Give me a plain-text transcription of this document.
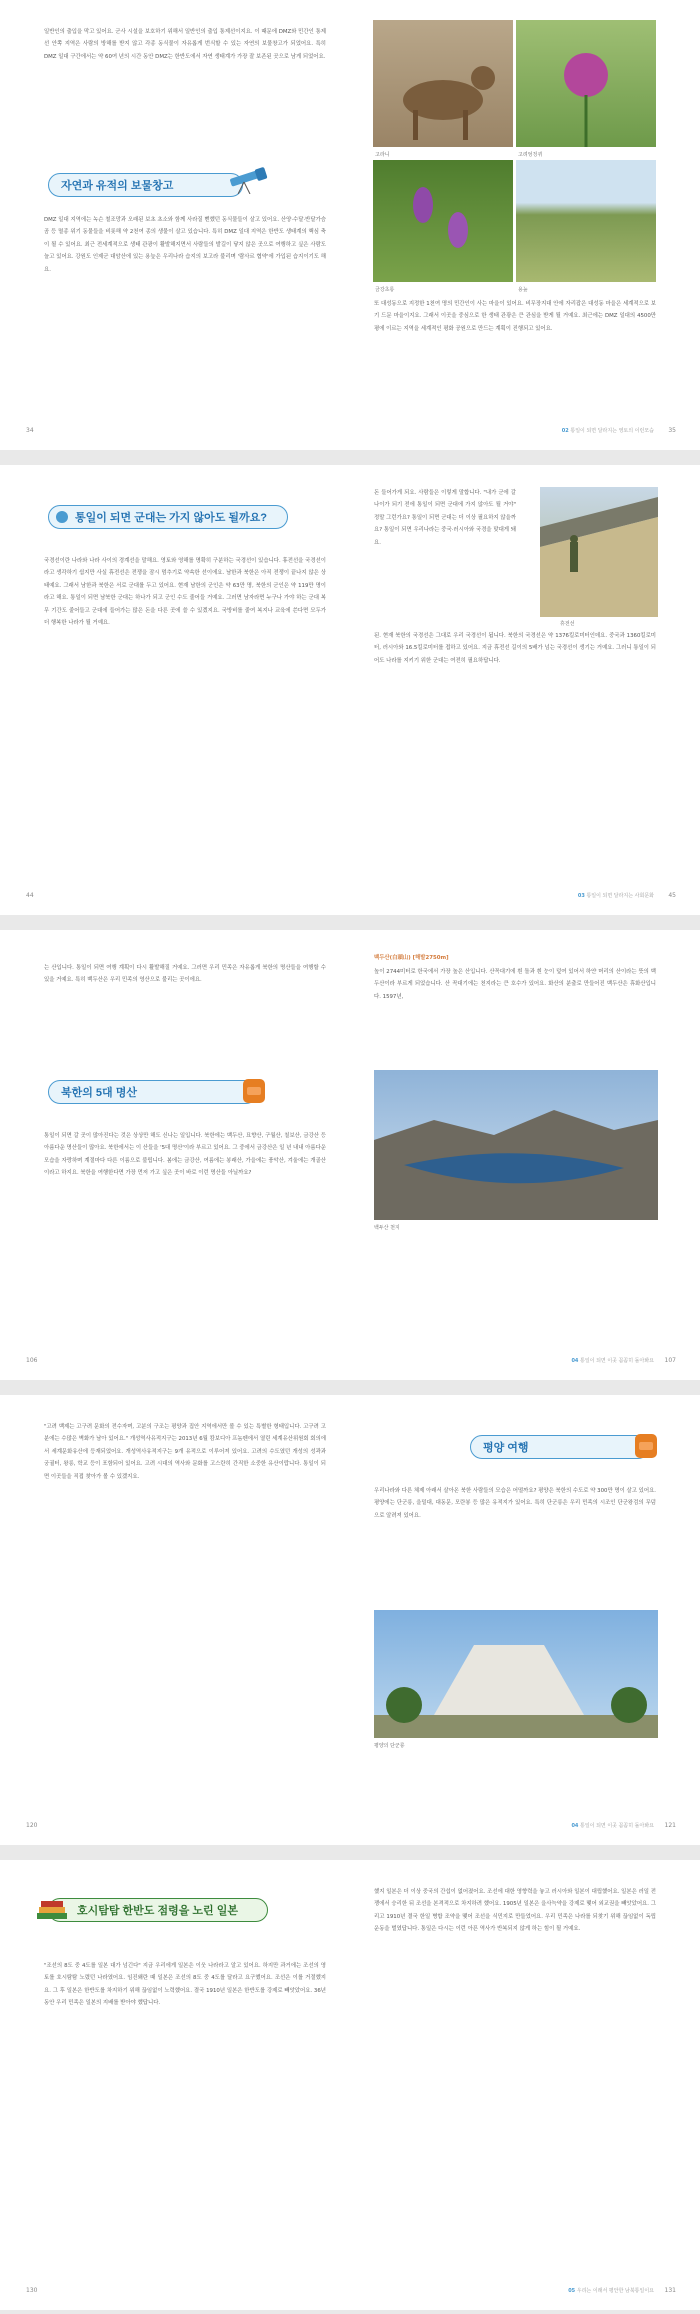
일반인의 출입을 막고 있어요. 군사 시설을 보호하기 위해서 일반인의 출입 통제선이지요. 이 때문에 DMZ와 민간인 통제선 안쪽 지역은 사람의 방해를 받지 않고 각종 동식물이 자유롭게 번식할 수 있는 자연의 보물창고가 되었어요. 특히 DMZ 일대 구간에서는 약 60여 년의 시간 동안 DMZ는 한반도에서 자연 생태계가 가장 잘 보존된 곳으로 남게 되었어요.
자연과 유적의 보물창고
DMZ 일대 지역에는 녹슨 철조망과 오래된 보초 초소와 함께 사라질 뻔했던 동식물들이 살고 있어요. 산양·수달·반달가슴곰 등 멸종 위기 동물들을 비롯해 약 2천여 종의 생물이 살고 있습니다. 특히 DMZ 일대 지역은 한반도 생태계의 핵심 축이 될 수 있어요. 최근 전세계적으로 생태 관광이 활발해지면서 사람들의 발길이 닿지 않은 곳으로 여행하고 싶은 사람도 늘고 있어요. 강원도 인제군 대암산에 있는 용늪은 우리나라 습지의 보고라 불리며 '람사르 협약'에 가입된 습지이기도 해요.
34
고라니	고려엉겅퀴
금강초롱	용늪
또 대성동으로 지정한 1천여 명의 민간인이 사는 마을이 있어요. 비무장지대 안에 자리잡은 대성동 마을은 세계적으로 보기 드문 마을이지요. 그래서 이곳을 중심으로 한 생태 관광은 큰 관심을 받게 될 거예요. 최근에는 DMZ 일대의 4500만 평에 이르는 지역을 세계적인 평화 공원으로 만드는 계획이 진행되고 있어요.
02 통일이 되면 달라지는 영토의 이런모습 35
통일이 되면 군대는 가지 않아도 될까요?
국경선이란 나라와 나라 사이의 경계선을 말해요. 영토와 영해를 명확히 구분하는 국경선이 있습니다. 휴전선을 국경선이라고 생각하기 쉽지만 사실 휴전선은 전쟁을 잠시 멈추기로 약속한 선이에요. 남한과 북한은 아직 전쟁이 끝나지 않은 상태예요. 그래서 남한과 북한은 서로 군대를 두고 있어요. 현재 남한의 군인은 약 63만 명, 북한의 군인은 약 119만 명이라고 해요. 통일이 되면 남북한 군대는 하나가 되고 군인 수도 줄어들 거예요. 그러면 남자라면 누구나 가야 하는 군대 복무 기간도 줄어들고 군대에 들어가는 많은 돈을 다른 곳에 쓸 수 있겠지요. 국방비를 줄여 복지나 교육에 쓴다면 모두가 더 행복한 나라가 될 거예요.
44
돈 들어가게 되요. 사람들은 이렇게 말합니다. "내가 군에 갈 나이가 되기 전에 통일이 되면 군대에 가지 않아도 될 거야" 정말 그런가요? 통일이 되면 군대는 더 이상 필요하지 않을까요? 통일이 되면 우리나라는 중국·러시아와 국경을 맞대게 돼요.
휴전선
된. 현재 북한의 국경선은 그대로 우리 국경선이 됩니다. 북한의 국경선은 약 1376킬로미터인데요. 중국과 1360킬로미터, 러시아와 16.5킬로미터를 접하고 있어요. 지금 휴전선 길이의 5배가 넘는 국경선이 생기는 거예요. 그러니 통일이 되어도 나라를 지키기 위한 군대는 여전히 필요하답니다.
03 통일이 되면 달라지는 사회문화 45
는 산입니다. 통일이 되면 여행 계획이 다시 활발해질 거예요. 그러면 우리 민족은 자유롭게 북한의 명산들을 여행할 수 있을 거예요. 특히 백두산은 우리 민족의 영산으로 불리는 곳이에요.
북한의 5대 명산
통일이 되면 갈 곳이 많아진다는 것은 상상만 해도 신나는 일입니다. 북한에는 백두산, 묘향산, 구월산, 칠보산, 금강산 등 아름다운 명산들이 많아요. 북한에서는 이 산들을 '5대 명산'이라 부르고 있어요. 그 중에서 금강산은 일 년 내내 아름다운 모습을 자랑하며 계절마다 다른 이름으로 불립니다. 봄에는 금강산, 여름에는 봉래산, 가을에는 풍악산, 겨울에는 개골산이라고 하지요. 북한을 여행한다면 가장 먼저 가고 싶은 곳이 바로 이런 명산들 아닐까요?
106
백두산(白頭山) [해발2750m]
높이 2744미터로 한국에서 가장 높은 산입니다. 산꼭대기에 흰 돌과 흰 눈이 덮여 있어서 하얀 머리의 산이라는 뜻의 백두산이라 부르게 되었습니다. 산 꼭대기에는 천지라는 큰 호수가 있어요. 화산의 분출로 만들어진 백두산은 휴화산입니다. 1597년,
백두산 천지
04 통일이 되면 이곳 꼼꼼히 돌아봐요 107
"고려 백제는 고구려 문화의 전수자며, 고분의 구조는 평양과 집안 지역에서만 볼 수 있는 특별한 형태입니다. 고구려 고분에는 수많은 벽화가 남아 있어요." 개성역사유적지구는 2013년 6월 캄보디아 프놈펜에서 열린 세계유산위원회 회의에서 세계문화유산에 등재되었어요. 개성역사유적지구는 9개 유적으로 이루어져 있어요. 고려의 수도였던 개성의 성곽과 궁궐터, 왕릉, 학교 등이 포함되어 있어요. 고려 시대의 역사와 문화를 고스란히 간직한 소중한 유산이랍니다. 통일이 되면 이곳들을 직접 찾아가 볼 수 있겠지요.
120
평양 여행
우리나라와 다른 체제 아래서 살아온 북한 사람들의 모습은 어떨까요? 평양은 북한의 수도로 약 300만 명이 살고 있어요. 평양에는 단군릉, 을밀대, 대동문, 모란봉 등 많은 유적지가 있어요. 특히 단군릉은 우리 민족의 시조인 단군왕검의 무덤으로 알려져 있어요.
평양의 단군릉
04 통일이 되면 이곳 꼼꼼히 돌아봐요 121
호시탐탐 한반도 점령을 노린 일본
"조선의 8도 중 4도를 일본 대가 넘긴다" 지금 우리에게 일본은 이웃 나라라고 알고 있어요. 하지만 과거에는 조선의 영토를 호시탐탐 노렸던 나라였어요. 임진왜란 때 일본은 조선의 8도 중 4도를 달라고 요구했어요. 조선은 이를 거절했지요. 그 후 일본은 한반도를 차지하기 위해 끊임없이 노력했어요. 결국 1910년 일본은 한반도를 강제로 빼앗았어요. 36년 동안 우리 민족은 일본의 지배를 받아야 했답니다.
130
했지 일본은 더 이상 중국의 간섭이 없어졌어요. 조선에 대한 영향력을 놓고 러시아와 일본이 대립했어요. 일본은 러일 전쟁에서 승리한 뒤 조선을 본격적으로 차지하려 했어요. 1905년 일본은 을사늑약을 강제로 맺어 외교권을 빼앗았어요. 그리고 1910년 결국 한일 병합 조약을 맺어 조선을 식민지로 만들었어요. 우리 민족은 나라를 되찾기 위해 끊임없이 독립운동을 벌였답니다. 통일은 다시는 이런 아픈 역사가 반복되지 않게 하는 힘이 될 거예요.
05 우리는 이래서 평안한 남북통일이요 131
